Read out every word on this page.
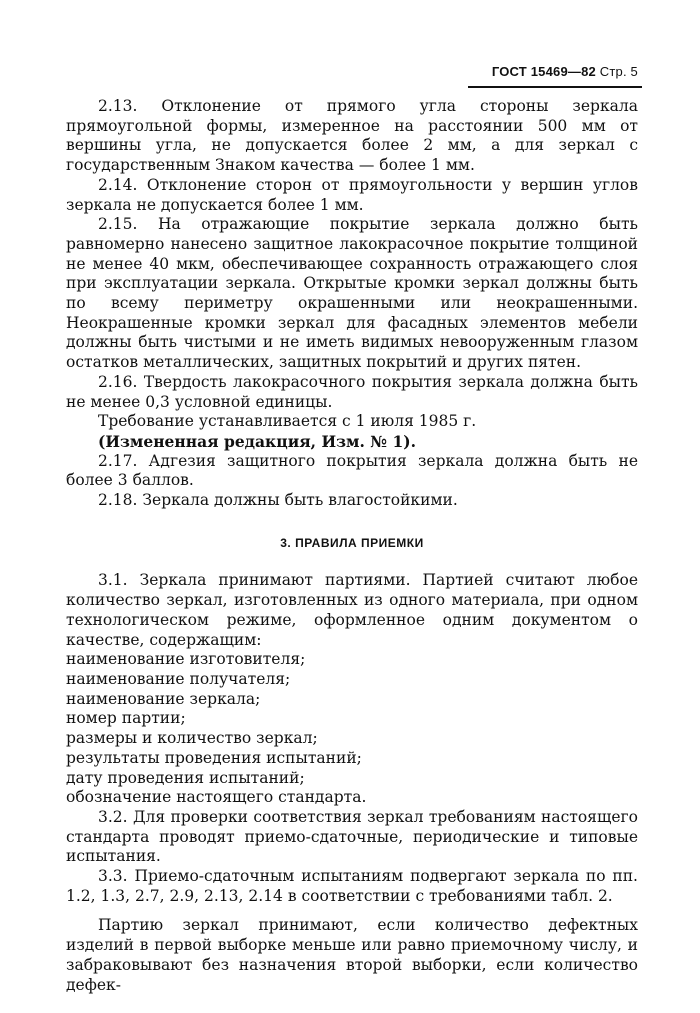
ГОСТ 15469—82 Стр. 5

2.13. Отклонение от прямого угла стороны зеркала прямоугольной формы, измеренное на расстоянии 500 мм от вершины угла, не допускается более 2 мм, а для зеркал с государственным Знаком качества — более 1 мм.

2.14. Отклонение сторон от прямоугольности у вершин углов зеркала не допускается более 1 мм.

2.15. На отражающие покрытие зеркала должно быть равномерно нанесено защитное лакокрасочное покрытие толщиной не менее 40 мкм, обеспечивающее сохранность отражающего слоя при эксплуатации зеркала. Открытые кромки зеркал должны быть по всему периметру окрашенными или неокрашенными. Неокрашенные кромки зеркал для фасадных элементов мебели должны быть чистыми и не иметь видимых невооруженным глазом остатков металлических, защитных покрытий и других пятен.

2.16. Твердость лакокрасочного покрытия зеркала должна быть не менее 0,3 условной единицы.

Требование устанавливается с 1 июля 1985 г.

(Измененная редакция, Изм. № 1).

2.17. Адгезия защитного покрытия зеркала должна быть не более 3 баллов.

2.18. Зеркала должны быть влагостойкими.

3. ПРАВИЛА ПРИЕМКИ

3.1. Зеркала принимают партиями. Партией считают любое количество зеркал, изготовленных из одного материала, при одном технологическом режиме, оформленное одним документом о качестве, содержащим:

наименование изготовителя;
наименование получателя;
наименование зеркала;
номер партии;
размеры и количество зеркал;
результаты проведения испытаний;
дату проведения испытаний;
обозначение настоящего стандарта.

3.2. Для проверки соответствия зеркал требованиям настоящего стандарта проводят приемо-сдаточные, периодические и типовые испытания.

3.3. Приемо-сдаточным испытаниям подвергают зеркала по пп. 1.2, 1.3, 2.7, 2.9, 2.13, 2.14 в соответствии с требованиями табл. 2.

Партию зеркал принимают, если количество дефектных изделий в первой выборке меньше или равно приемочному числу, и забраковывают без назначения второй выборки, если количество дефек-
